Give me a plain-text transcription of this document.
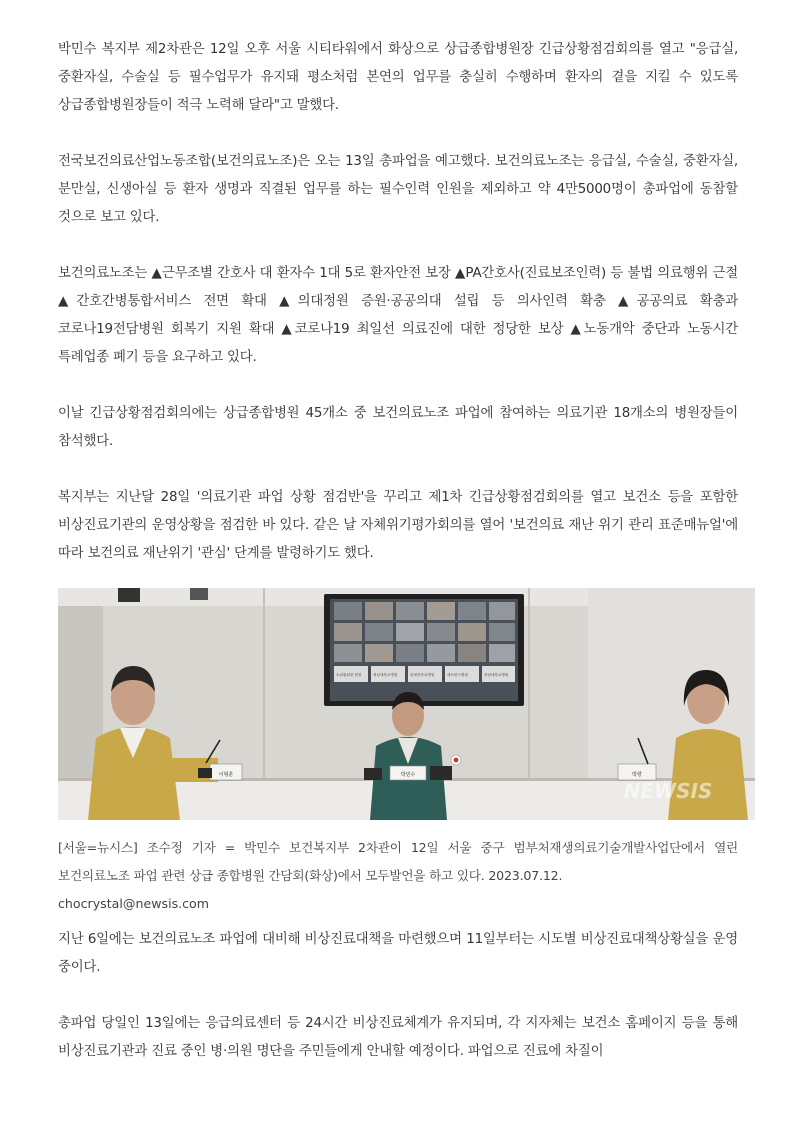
박민수 복지부 제2차관은 12일 오후 서울 시티타워에서 화상으로 상급종합병원장 긴급상황점검회의를 열고 "응급실, 중환자실, 수술실 등 필수업무가 유지돼 평소처럼 본연의 업무를 충실히 수행하며 환자의 곁을 지킬 수 있도록 상급종합병원장들이 적극 노력해 달라"고 말했다.

전국보건의료산업노동조합(보건의료노조)은 오는 13일 총파업을 예고했다. 보건의료노조는 응급실, 수술실, 중환자실, 분만실, 신생아실 등 환자 생명과 직결된 업무를 하는 필수인력 인원을 제외하고 약 4만5000명이 총파업에 동참할 것으로 보고 있다.

보건의료노조는 ▲근무조별 간호사 대 환자수 1대 5로 환자안전 보장 ▲PA간호사(진료보조인력) 등 불법 의료행위 근절 ▲간호간병통합서비스 전면 확대 ▲의대정원 증원·공공의대 설립 등 의사인력 확충 ▲공공의료 확충과 코로나19전담병원 회복기 지원 확대 ▲코로나19 최일선 의료진에 대한 정당한 보상 ▲노동개악 중단과 노동시간 특례업종 폐기 등을 요구하고 있다.

이날 긴급상황점검회의에는 상급종합병원 45개소 중 보건의료노조 파업에 참여하는 의료기관 18개소의 병원장들이 참석했다.

복지부는 지난달 28일 '의료기관 파업 상황 점검반'을 꾸리고 제1차 긴급상황점검회의를 열고 보건소 등을 포함한 비상진료기관의 운영상황을 점검한 바 있다. 같은 날 자체위기평가회의를 열어 '보건의료 재난 위기 관리 표준매뉴얼'에 따라 보건의료 재난위기 '관심' 단계를 발령하기도 했다.

소위원회장 원장	정남대학교병원	한세종학교병원	세브란스병원	중남대학교병원
이형훈	박민수	박향
NEWSIS

[서울=뉴시스] 조수정 기자 = 박민수 보건복지부 2차관이 12일 서울 중구 범부처재생의료기술개발사업단에서 열린 보건의료노조 파업 관련 상급 종합병원 간담회(화상)에서 모두발언을 하고 있다. 2023.07.12.
chocrystal@newsis.com

지난 6일에는 보건의료노조 파업에 대비해 비상진료대책을 마련했으며 11일부터는 시도별 비상진료대책상황실을 운영 중이다.

총파업 당일인 13일에는 응급의료센터 등 24시간 비상진료체계가 유지되며, 각 지자체는 보건소 홈페이지 등을 통해 비상진료기관과 진료 중인 병·의원 명단을 주민들에게 안내할 예정이다. 파업으로 진료에 차질이
